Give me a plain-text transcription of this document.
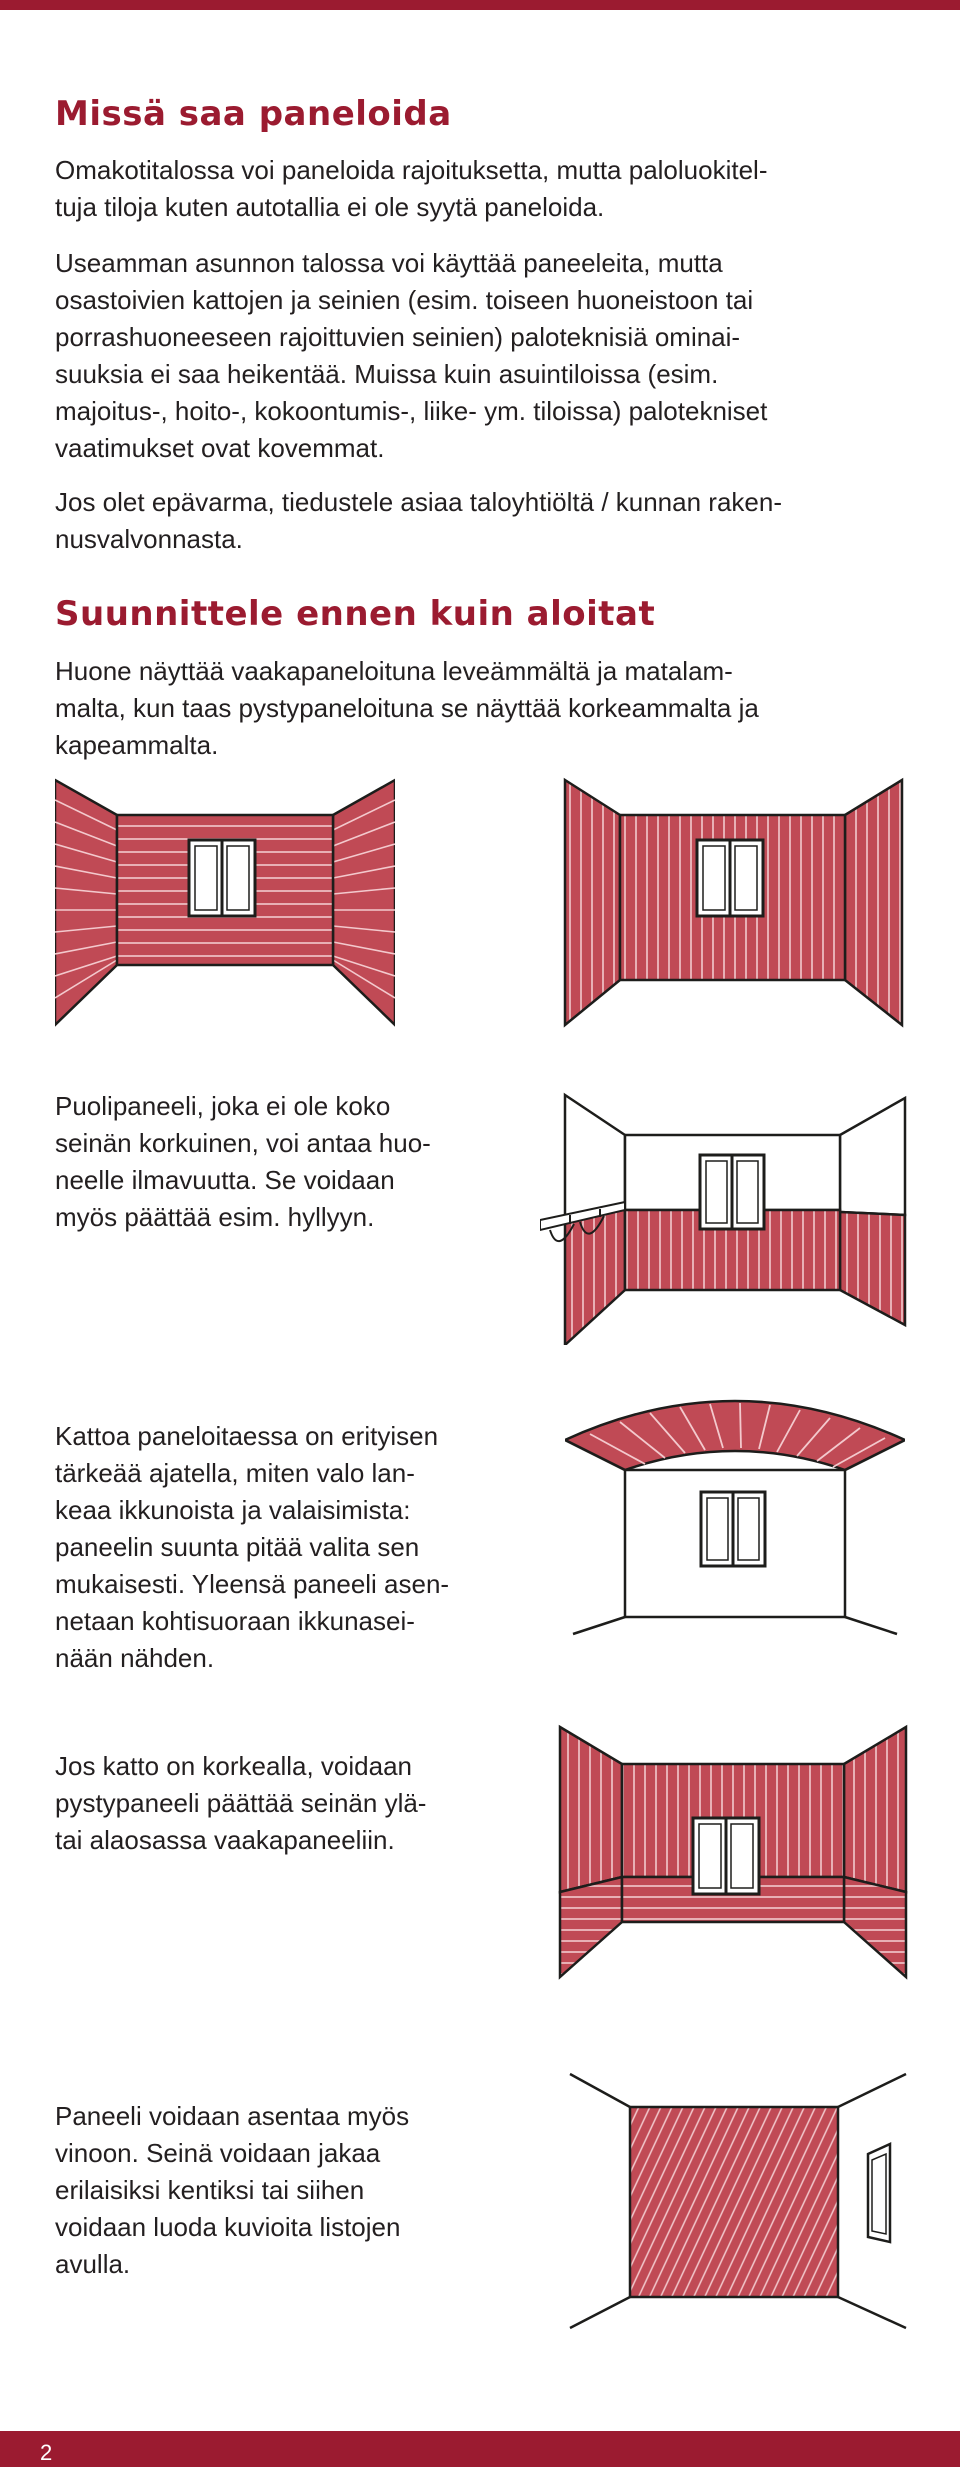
Missä saa paneloida

Omakotitalossa voi paneloida rajoituksetta, mutta paloluokitel-
tuja tiloja kuten autotallia ei ole syytä paneloida.

Useamman asunnon talossa voi käyttää paneeleita, mutta
osastoivien kattojen ja seinien (esim. toiseen huoneistoon tai
porrashuoneeseen rajoittuvien seinien) paloteknisiä ominai-
suuksia ei saa heikentää. Muissa kuin asuintiloissa (esim.
majoitus-, hoito-, kokoontumis-, liike- ym. tiloissa) palotekniset
vaatimukset ovat kovemmat.

Jos olet epävarma, tiedustele asiaa taloyhtiöltä / kunnan raken-
nusvalvonnasta.

Suunnittele ennen kuin aloitat

Huone näyttää vaakapaneloituna leveämmältä ja matalam-
malta, kun taas pystypaneloituna se näyttää korkeammalta ja
kapeammalta.

Puolipaneeli, joka ei ole koko
seinän korkuinen, voi antaa huo-
neelle ilmavuutta. Se voidaan
myös päättää esim. hyllyyn.

Kattoa paneloitaessa on erityisen
tärkeää ajatella, miten valo lan-
keaa ikkunoista ja valaisimista:
paneelin suunta pitää valita sen
mukaisesti. Yleensä paneeli asen-
netaan kohtisuoraan ikkunasei-
nään nähden.

Jos katto on korkealla, voidaan
pystypaneeli päättää seinän ylä-
tai alaosassa vaakapaneeliin.

Paneeli voidaan asentaa myös
vinoon. Seinä voidaan jakaa
erilaisiksi kentiksi tai siihen
voidaan luoda kuvioita listojen
avulla.

2
